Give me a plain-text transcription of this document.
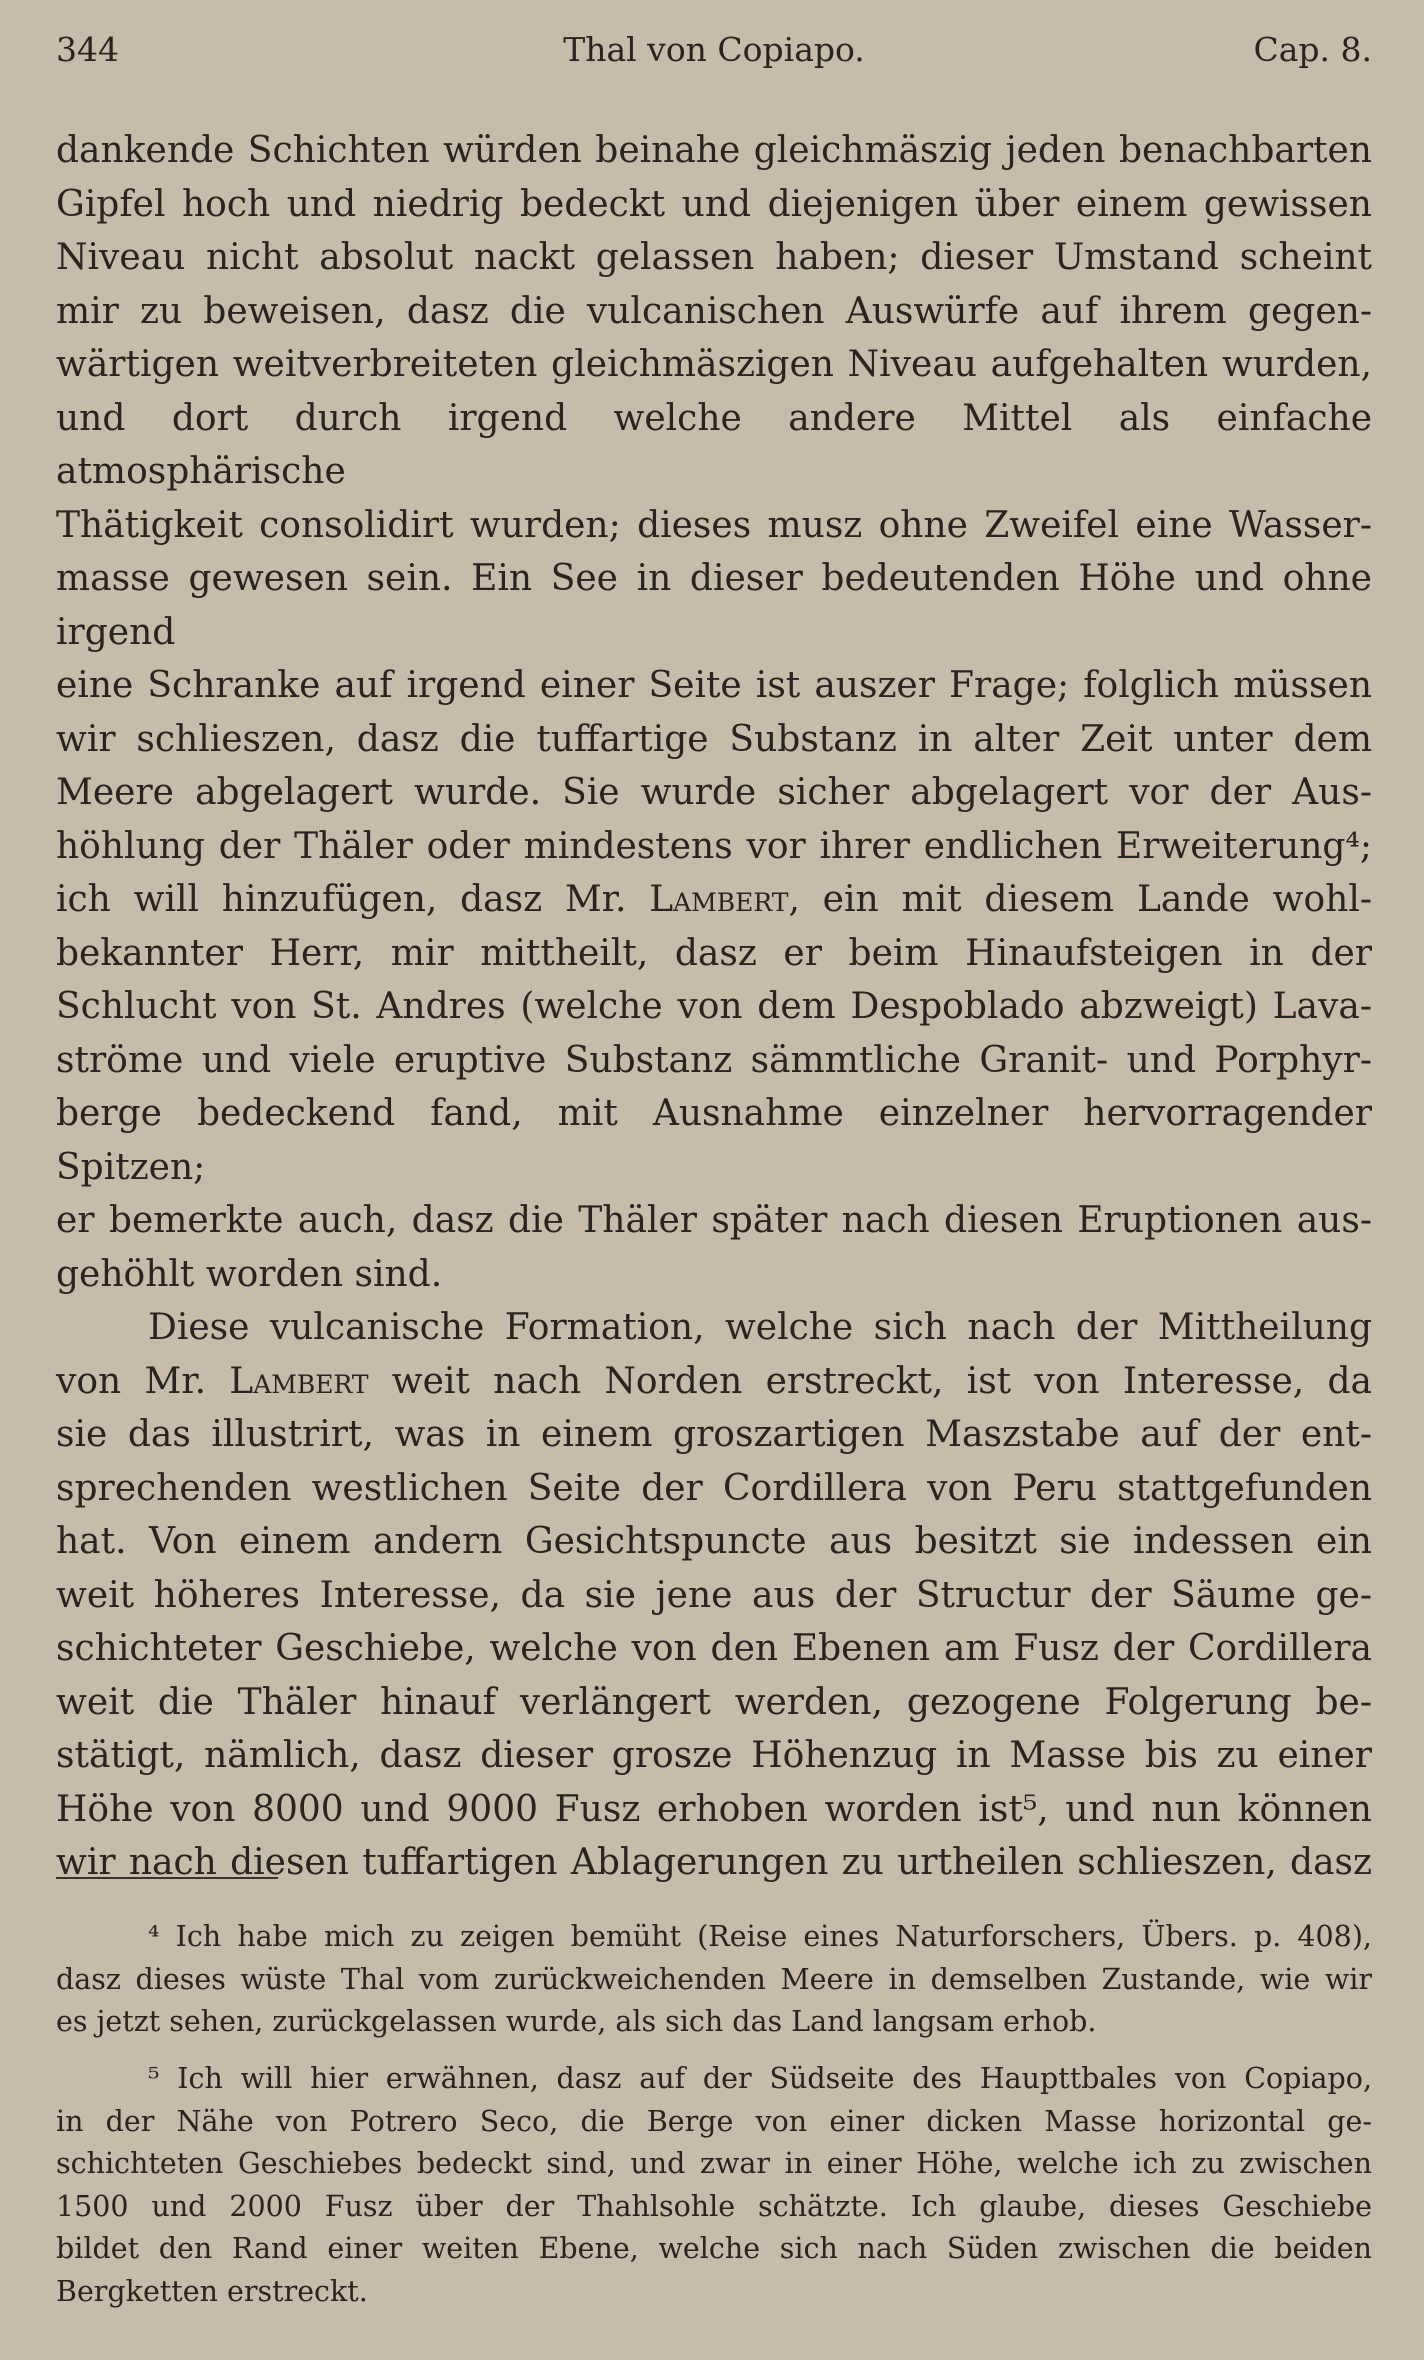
344	Thal von Copiapo.	Cap. 8.

dankende Schichten würden beinahe gleichmäszig jeden benachbarten

Gipfel hoch und niedrig bedeckt und diejenigen über einem gewissen

Niveau nicht absolut nackt gelassen haben; dieser Umstand scheint

mir zu beweisen, dasz die vulcanischen Auswürfe auf ihrem gegen-

wärtigen weitverbreiteten gleichmäszigen Niveau aufgehalten wurden,

und dort durch irgend welche andere Mittel als einfache atmosphärische

Thätigkeit consolidirt wurden; dieses musz ohne Zweifel eine Wasser-

masse gewesen sein. Ein See in dieser bedeutenden Höhe und ohne irgend

eine Schranke auf irgend einer Seite ist auszer Frage; folglich müssen

wir schlieszen, dasz die tuffartige Substanz in alter Zeit unter dem

Meere abgelagert wurde. Sie wurde sicher abgelagert vor der Aus-

höhlung der Thäler oder mindestens vor ihrer endlichen Erweiterung⁴;

ich will hinzufügen, dasz Mr. Lambert, ein mit diesem Lande wohl-

bekannter Herr, mir mittheilt, dasz er beim Hinaufsteigen in der

Schlucht von St. Andres (welche von dem Despoblado abzweigt) Lava-

ströme und viele eruptive Substanz sämmtliche Granit- und Porphyr-

berge bedeckend fand, mit Ausnahme einzelner hervorragender Spitzen;

er bemerkte auch, dasz die Thäler später nach diesen Eruptionen aus-

gehöhlt worden sind.

Diese vulcanische Formation, welche sich nach der Mittheilung

von Mr. Lambert weit nach Norden erstreckt, ist von Interesse, da

sie das illustrirt, was in einem groszartigen Maszstabe auf der ent-

sprechenden westlichen Seite der Cordillera von Peru stattgefunden

hat. Von einem andern Gesichtspuncte aus besitzt sie indessen ein

weit höheres Interesse, da sie jene aus der Structur der Säume ge-

schichteter Geschiebe, welche von den Ebenen am Fusz der Cordillera

weit die Thäler hinauf verlängert werden, gezogene Folgerung be-

stätigt, nämlich, dasz dieser grosze Höhenzug in Masse bis zu einer

Höhe von 8000 und 9000 Fusz erhoben worden ist⁵, und nun können

wir nach diesen tuffartigen Ablagerungen zu urtheilen schlieszen, dasz

⁴ Ich habe mich zu zeigen bemüht (Reise eines Naturforschers, Übers. p. 408),

dasz dieses wüste Thal vom zurückweichenden Meere in demselben Zustande, wie wir

es jetzt sehen, zurückgelassen wurde, als sich das Land langsam erhob.

⁵ Ich will hier erwähnen, dasz auf der Südseite des Haupttbales von Copiapo,

in der Nähe von Potrero Seco, die Berge von einer dicken Masse horizontal ge-

schichteten Geschiebes bedeckt sind, und zwar in einer Höhe, welche ich zu zwischen

1500 und 2000 Fusz über der Thahlsohle schätzte. Ich glaube, dieses Geschiebe

bildet den Rand einer weiten Ebene, welche sich nach Süden zwischen die beiden

Bergketten erstreckt.
